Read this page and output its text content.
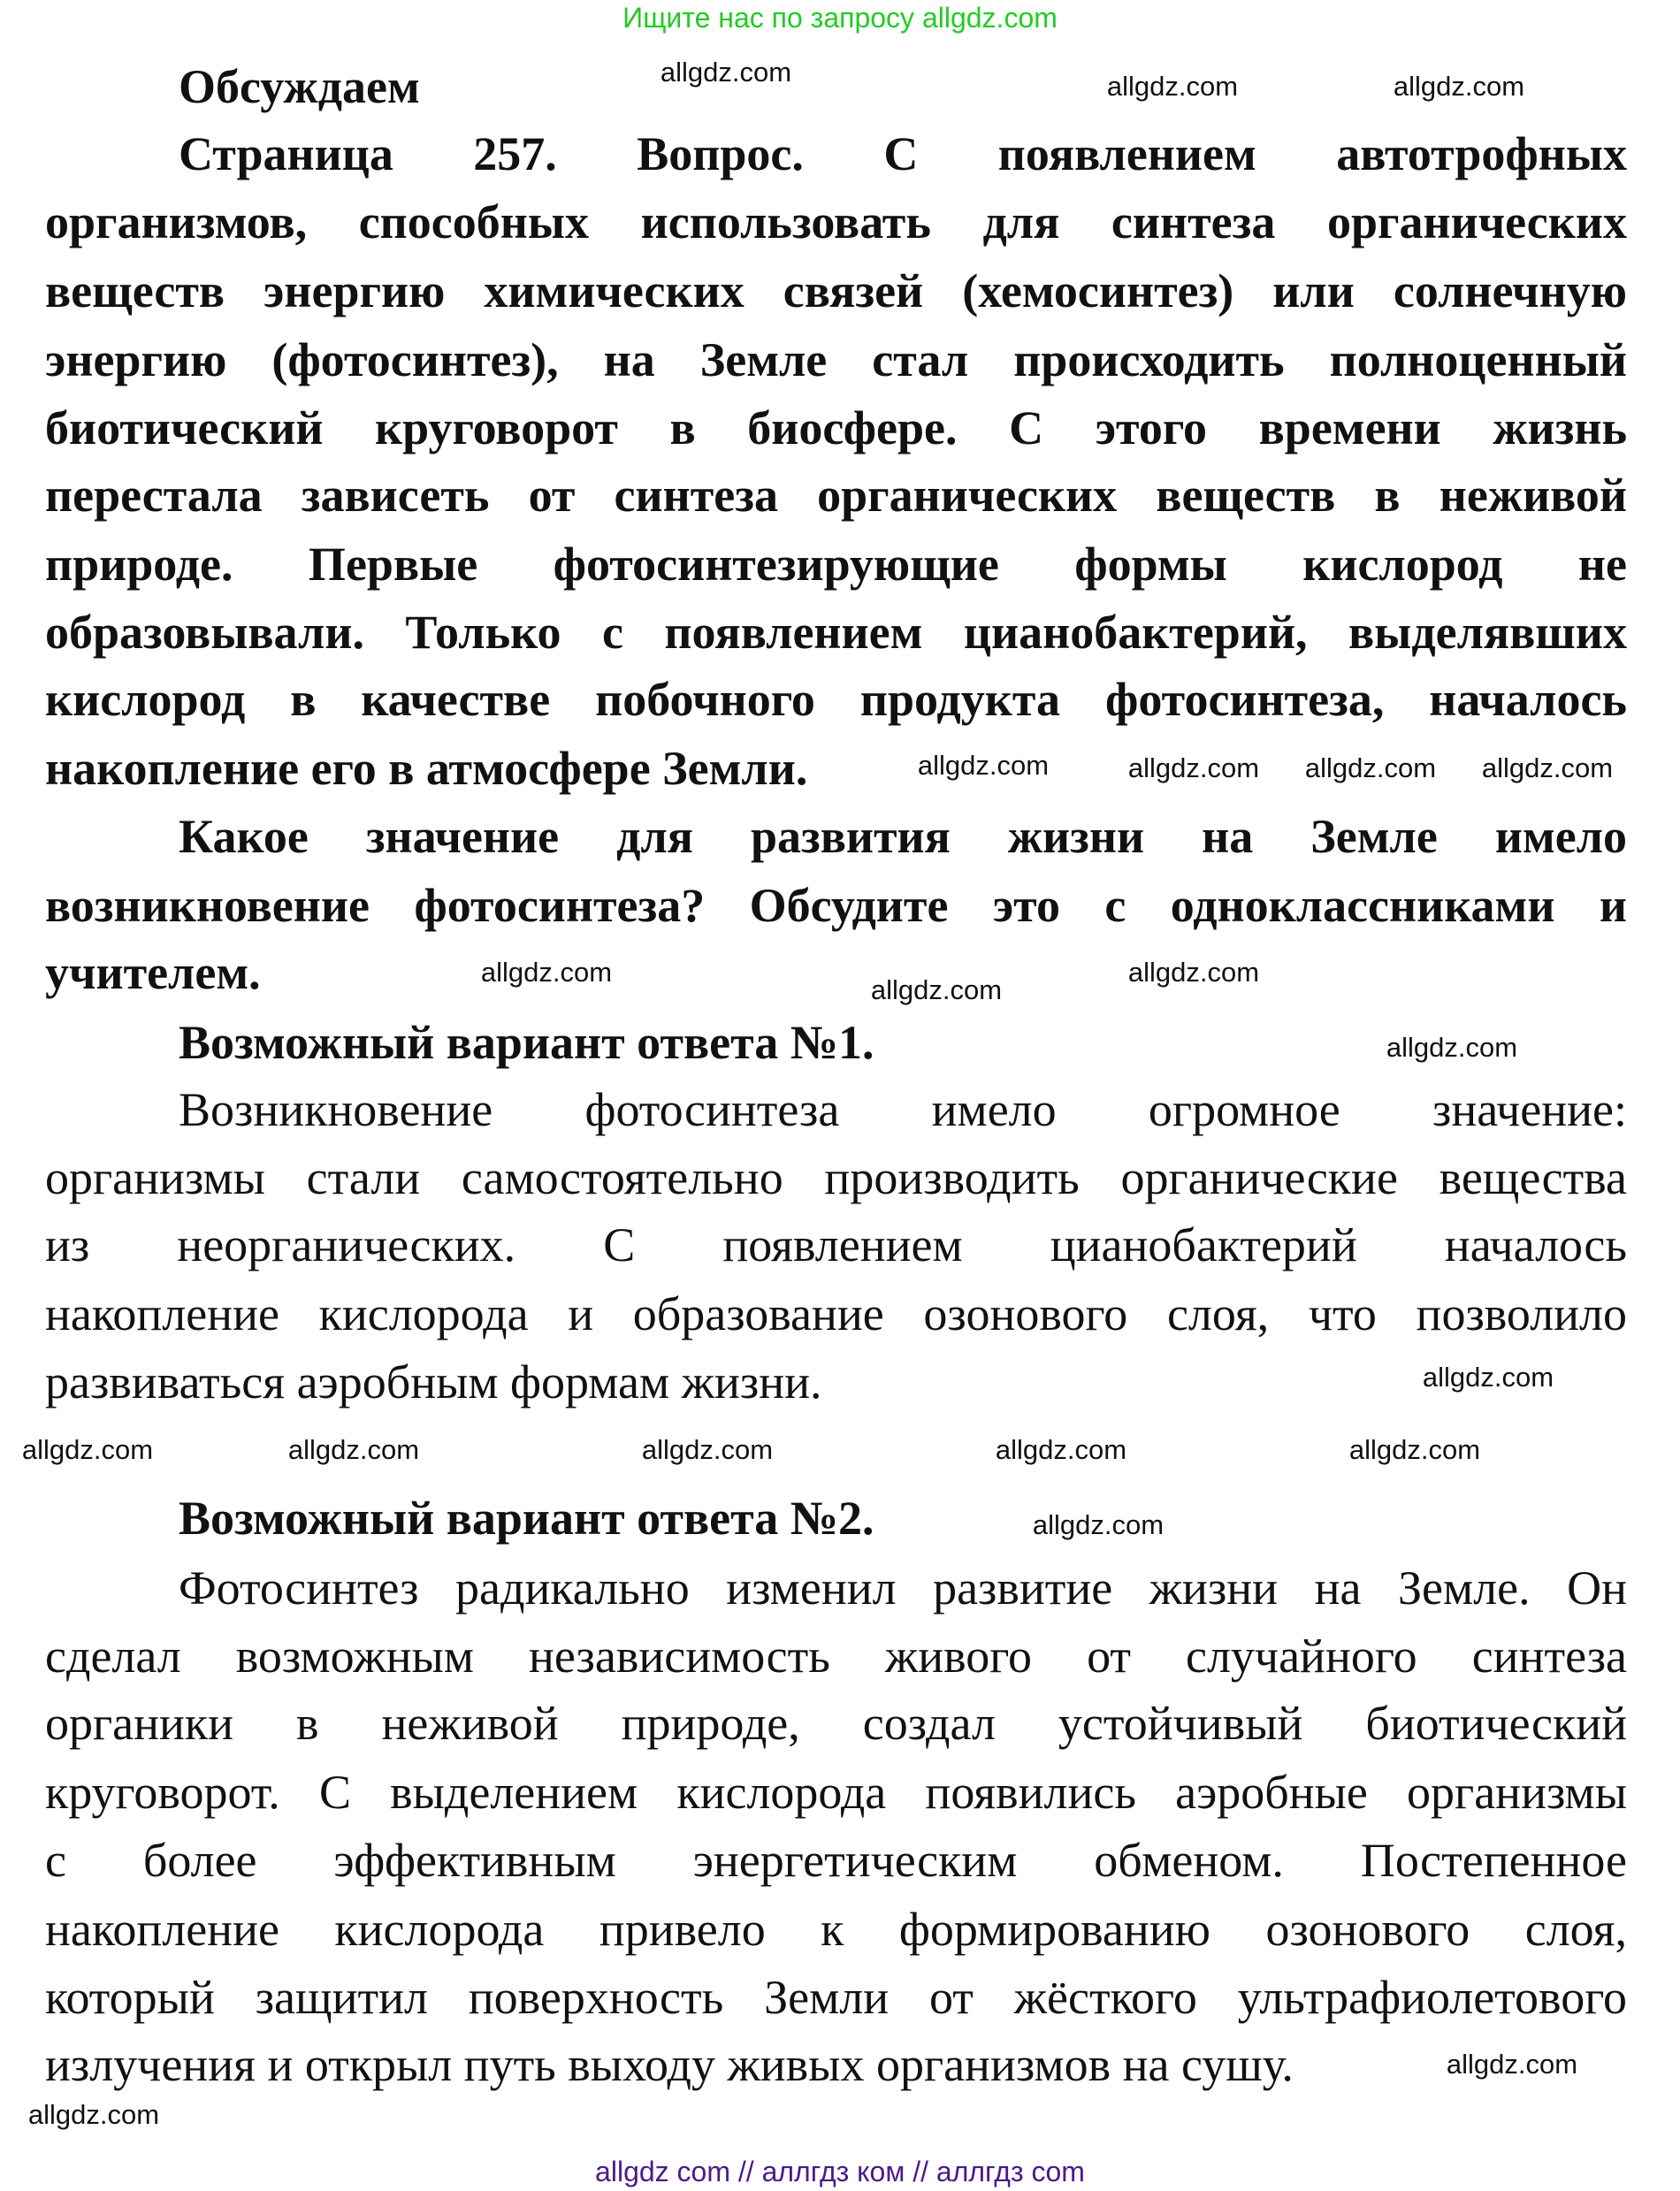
Ищите нас по запросу allgdz.com
Обсуждаем
Страница 257. Вопрос. С появлением автотрофных
организмов, способных использовать для синтеза органических
веществ энергию химических связей (хемосинтез) или солнечную
энергию (фотосинтез), на Земле стал происходить полноценный
биотический круговорот в биосфере. С этого времени жизнь
перестала зависеть от синтеза органических веществ в неживой
природе. Первые фотосинтезирующие формы кислород не
образовывали. Только с появлением цианобактерий, выделявших
кислород в качестве побочного продукта фотосинтеза, началось
накопление его в атмосфере Земли.
Какое значение для развития жизни на Земле имело
возникновение фотосинтеза? Обсудите это с одноклассниками и
учителем.
Возможный вариант ответа №1.
Возникновение фотосинтеза имело огромное значение:
организмы стали самостоятельно производить органические вещества
из неорганических. С появлением цианобактерий началось
накопление кислорода и образование озонового слоя, что позволило
развиваться аэробным формам жизни.
Возможный вариант ответа №2.
Фотосинтез радикально изменил развитие жизни на Земле. Он
сделал возможным независимость живого от случайного синтеза
органики в неживой природе, создал устойчивый биотический
круговорот. С выделением кислорода появились аэробные организмы
с более эффективным энергетическим обменом. Постепенное
накопление кислорода привело к формированию озонового слоя,
который защитил поверхность Земли от жёсткого ультрафиолетового
излучения и открыл путь выходу живых организмов на сушу.
allgdz com // аллгдз ком // аллгдз com
allgdz.com	allgdz.com	allgdz.com
allgdz.com allgdz.com allgdz.com
allgdz.com
allgdz.com	allgdz.com
allgdz.com
allgdz.com
allgdz.com
allgdz.com	allgdz.com	allgdz.com	allgdz.com	allgdz.com
allgdz.com
allgdz.com
allgdz.com
